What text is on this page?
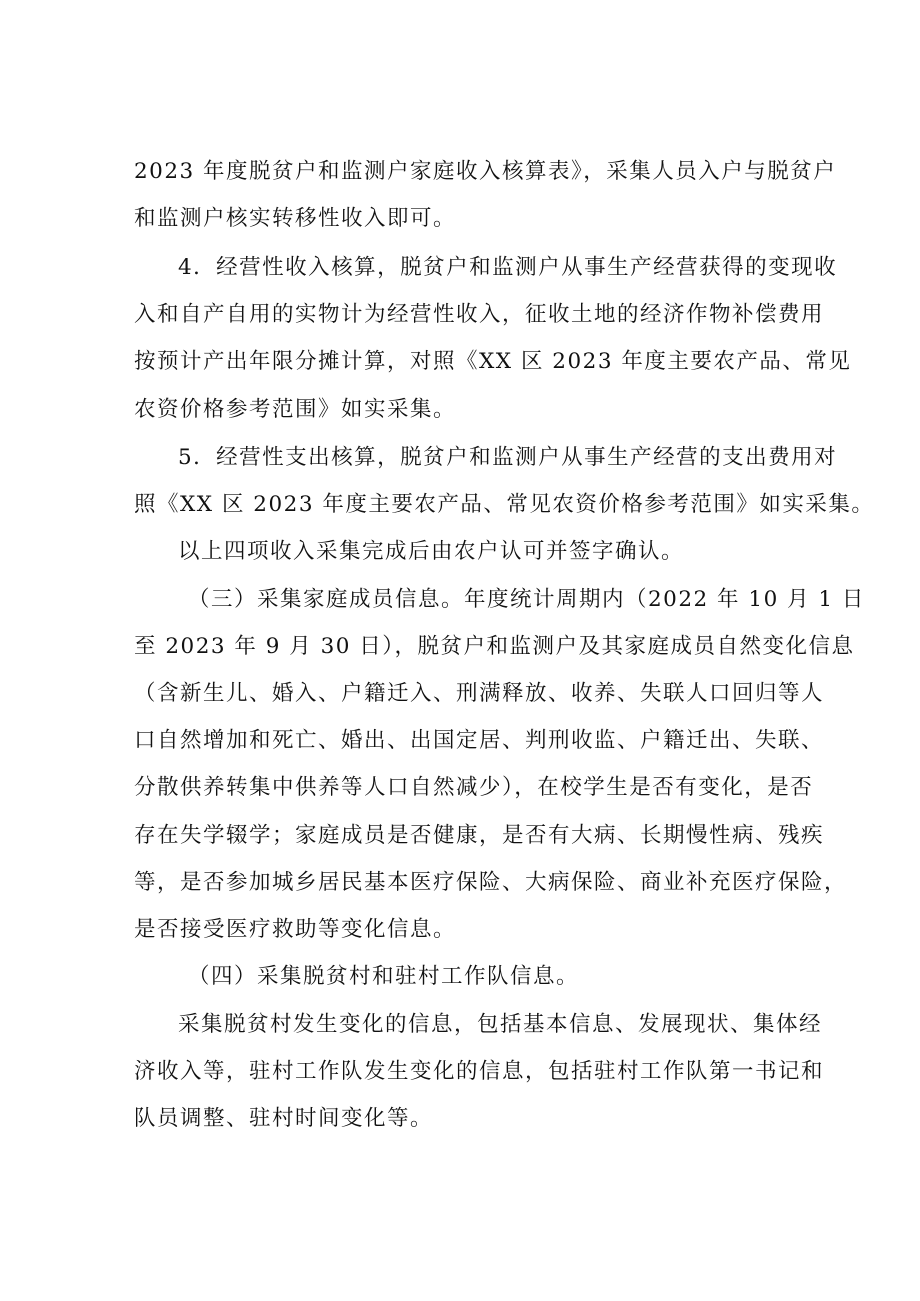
2023 年度脱贫户和监测户家庭收入核算表》，采集人员入户与脱贫户
和监测户核实转移性收入即可。
4．经营性收入核算，脱贫户和监测户从事生产经营获得的变现收
入和自产自用的实物计为经营性收入，征收土地的经济作物补偿费用
按预计产出年限分摊计算，对照《XX 区 2023 年度主要农产品、常见
农资价格参考范围》如实采集。
5．经营性支出核算，脱贫户和监测户从事生产经营的支出费用对
照《XX 区 2023 年度主要农产品、常见农资价格参考范围》如实采集。
以上四项收入采集完成后由农户认可并签字确认。
（三）采集家庭成员信息。年度统计周期内（2022 年 10 月 1 日
至 2023 年 9 月 30 日），脱贫户和监测户及其家庭成员自然变化信息
（含新生儿、婚入、户籍迁入、刑满释放、收养、失联人口回归等人
口自然增加和死亡、婚出、出国定居、判刑收监、户籍迁出、失联、
分散供养转集中供养等人口自然减少），在校学生是否有变化，是否
存在失学辍学；家庭成员是否健康，是否有大病、长期慢性病、残疾
等，是否参加城乡居民基本医疗保险、大病保险、商业补充医疗保险，
是否接受医疗救助等变化信息。
（四）采集脱贫村和驻村工作队信息。
采集脱贫村发生变化的信息，包括基本信息、发展现状、集体经
济收入等，驻村工作队发生变化的信息，包括驻村工作队第一书记和
队员调整、驻村时间变化等。
